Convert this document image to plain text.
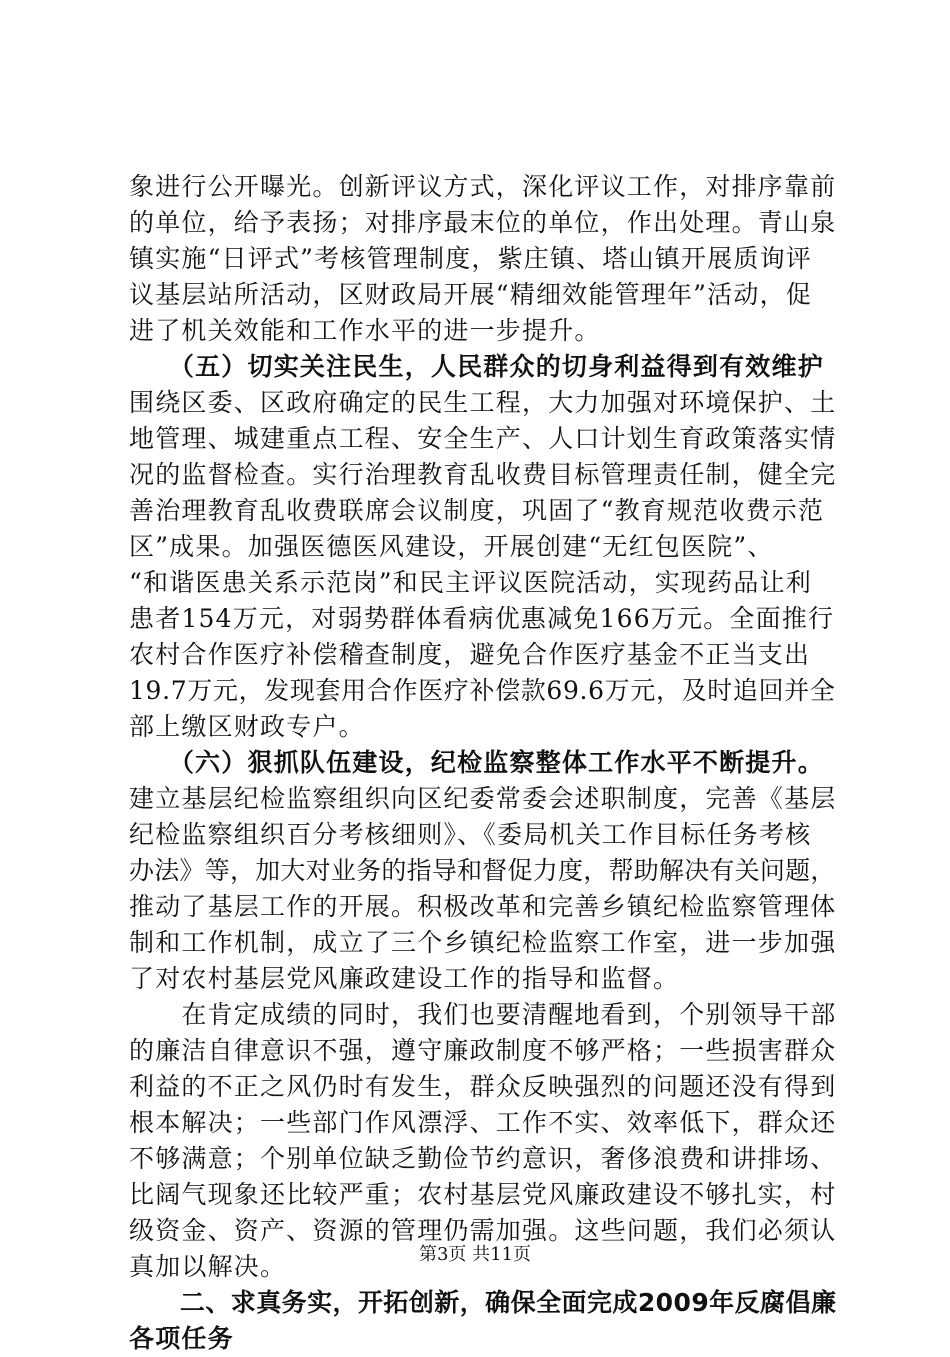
象进行公开曝光。创新评议方式，深化评议工作，对排序靠前
的单位，给予表扬；对排序最末位的单位，作出处理。青山泉
镇实施“日评式”考核管理制度，紫庄镇、塔山镇开展质询评
议基层站所活动，区财政局开展“精细效能管理年”活动，促
进了机关效能和工作水平的进一步提升。
　　（五）切实关注民生，人民群众的切身利益得到有效维护
围绕区委、区政府确定的民生工程，大力加强对环境保护、土
地管理、城建重点工程、安全生产、人口计划生育政策落实情
况的监督检查。实行治理教育乱收费目标管理责任制，健全完
善治理教育乱收费联席会议制度，巩固了“教育规范收费示范
区”成果。加强医德医风建设，开展创建“无红包医院”、
“和谐医患关系示范岗”和民主评议医院活动，实现药品让利
患者154万元，对弱势群体看病优惠减免166万元。全面推行
农村合作医疗补偿稽查制度，避免合作医疗基金不正当支出
19.7万元，发现套用合作医疗补偿款69.6万元，及时追回并全
部上缴区财政专户。
　　（六）狠抓队伍建设，纪检监察整体工作水平不断提升。
建立基层纪检监察组织向区纪委常委会述职制度，完善《基层
纪检监察组织百分考核细则》、《委局机关工作目标任务考核
办法》等，加大对业务的指导和督促力度，帮助解决有关问题，
推动了基层工作的开展。积极改革和完善乡镇纪检监察管理体
制和工作机制，成立了三个乡镇纪检监察工作室，进一步加强
了对农村基层党风廉政建设工作的指导和监督。
　　在肯定成绩的同时，我们也要清醒地看到，个别领导干部
的廉洁自律意识不强，遵守廉政制度不够严格；一些损害群众
利益的不正之风仍时有发生，群众反映强烈的问题还没有得到
根本解决；一些部门作风漂浮、工作不实、效率低下，群众还
不够满意；个别单位缺乏勤俭节约意识，奢侈浪费和讲排场、
比阔气现象还比较严重；农村基层党风廉政建设不够扎实，村
级资金、资产、资源的管理仍需加强。这些问题，我们必须认
真加以解决。
　　二、求真务实，开拓创新，确保全面完成2009年反腐倡廉
各项任务
第3页 共11页
